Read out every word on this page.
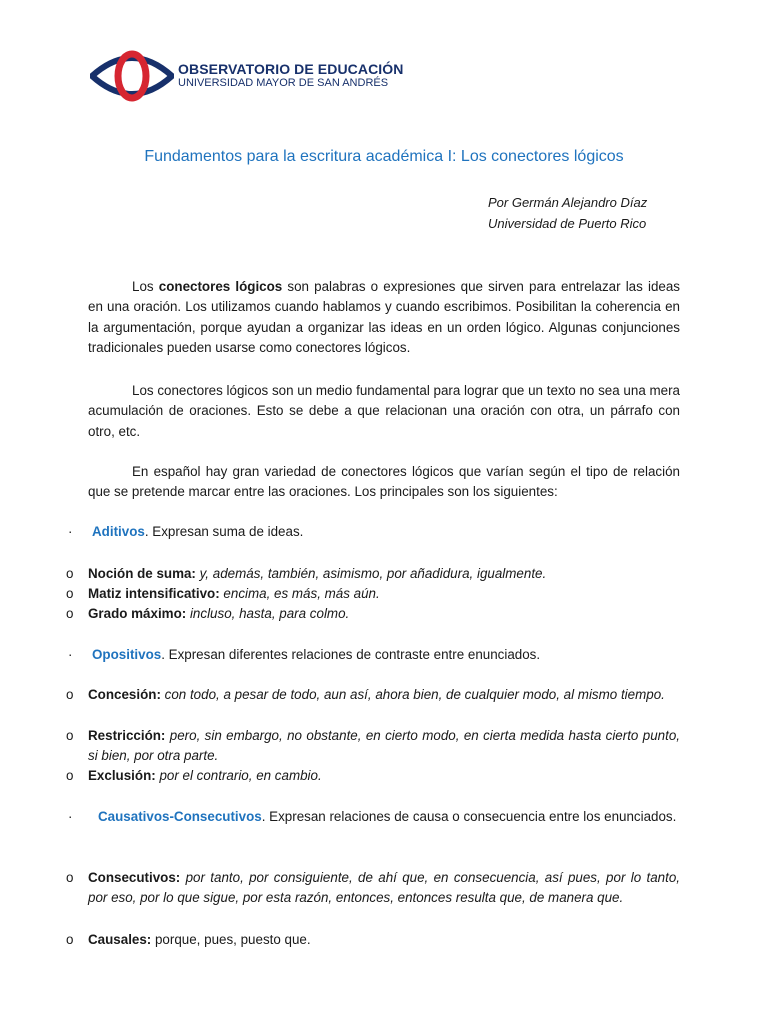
OBSERVATORIO DE EDUCACIÓN
UNIVERSIDAD MAYOR DE SAN ANDRÉS
Fundamentos para la escritura académica I: Los conectores lógicos
Por Germán Alejandro Díaz
Universidad de Puerto Rico

Los conectores lógicos son palabras o expresiones que sirven para entrelazar las ideas en una oración. Los utilizamos cuando hablamos y cuando escribimos. Posibilitan la coherencia en la argumentación, porque ayudan a organizar las ideas en un orden lógico. Algunas conjunciones tradicionales pueden usarse como conectores lógicos.

Los conectores lógicos son un medio fundamental para lograr que un texto no sea una mera acumulación de oraciones. Esto se debe a que relacionan una oración con otra, un párrafo con otro, etc.

En español hay gran variedad de conectores lógicos que varían según el tipo de relación que se pretende marcar entre las oraciones. Los principales son los siguientes:

·	Aditivos. Expresan suma de ideas.
o	Noción de suma: y, además, también, asimismo, por añadidura, igualmente.
o	Matiz intensificativo: encima, es más, más aún.
o	Grado máximo: incluso, hasta, para colmo.
·	Opositivos. Expresan diferentes relaciones de contraste entre enunciados.
o	Concesión: con todo, a pesar de todo, aun así, ahora bien, de cualquier modo, al mismo tiempo.
o	Restricción: pero, sin embargo, no obstante, en cierto modo, en cierta medida hasta cierto punto, si bien, por otra parte.
o	Exclusión: por el contrario, en cambio.
·	Causativos-Consecutivos. Expresan relaciones de causa o consecuencia entre los enunciados.
o	Consecutivos: por tanto, por consiguiente, de ahí que, en consecuencia, así pues, por lo tanto, por eso, por lo que sigue, por esta razón, entonces, entonces resulta que, de manera que.
o	Causales: porque, pues, puesto que.
